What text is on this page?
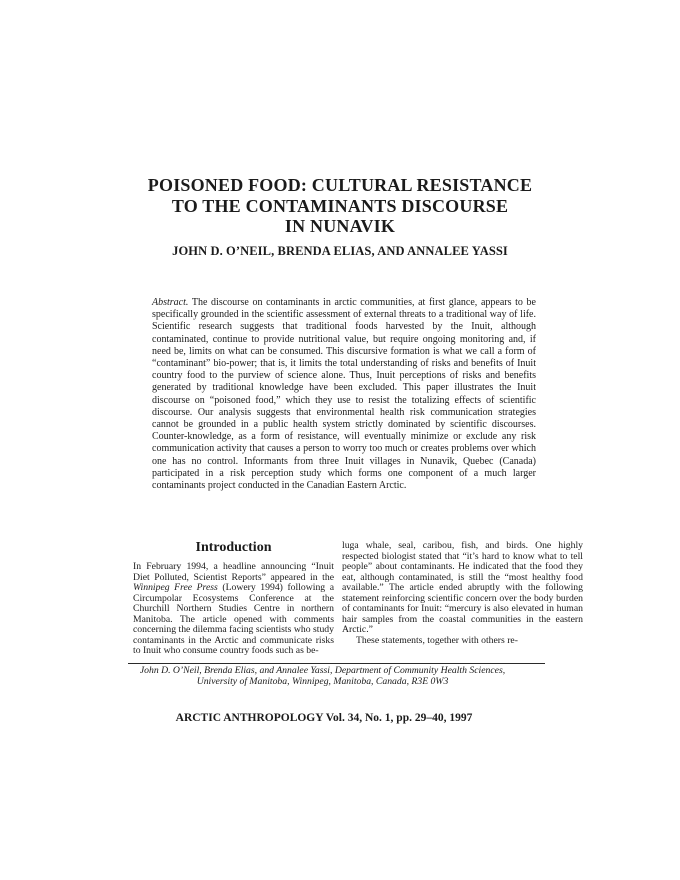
POISONED FOOD: CULTURAL RESISTANCE
TO THE CONTAMINANTS DISCOURSE
IN NUNAVIK
JOHN D. O’NEIL, BRENDA ELIAS, AND ANNALEE YASSI

Abstract. The discourse on contaminants in arctic communities, at first glance, appears to be specifically grounded in the scientific assessment of external threats to a traditional way of life. Scientific research suggests that traditional foods harvested by the Inuit, although contaminated, continue to provide nutritional value, but require ongoing monitoring and, if need be, limits on what can be consumed. This discursive formation is what we call a form of “contaminant” bio-power; that is, it limits the total understanding of risks and benefits of Inuit country food to the purview of science alone. Thus, Inuit perceptions of risks and benefits generated by traditional knowledge have been excluded. This paper illustrates the Inuit discourse on “poisoned food,” which they use to resist the totalizing effects of scientific discourse. Our analysis suggests that environmental health risk communication strategies cannot be grounded in a public health system strictly dominated by scientific discourses. Counter-knowledge, as a form of resistance, will eventually minimize or exclude any risk communication activity that causes a person to worry too much or creates problems over which one has no control. Informants from three Inuit villages in Nunavik, Quebec (Canada) participated in a risk perception study which forms one component of a much larger contaminants project conducted in the Canadian Eastern Arctic.

Introduction

In February 1994, a headline announcing “Inuit Diet Polluted, Scientist Reports” appeared in the Winnipeg Free Press (Lowery 1994) following a Circumpolar Ecosystems Conference at the Churchill Northern Studies Centre in northern Manitoba. The article opened with comments concerning the dilemma facing scientists who study contaminants in the Arctic and communicate risks to Inuit who consume country foods such as be-

luga whale, seal, caribou, fish, and birds. One highly respected biologist stated that “it’s hard to know what to tell people” about contaminants. He indicated that the food they eat, although contaminated, is still the “most healthy food available.” The article ended abruptly with the following statement reinforcing scientific concern over the body burden of contaminants for Inuit: “mercury is also elevated in human hair samples from the coastal communities in the eastern Arctic.”

These statements, together with others re-

John D. O’Neil, Brenda Elias, and Annalee Yassi, Department of Community Health Sciences,
University of Manitoba, Winnipeg, Manitoba, Canada, R3E 0W3
ARCTIC ANTHROPOLOGY Vol. 34, No. 1, pp. 29–40, 1997
